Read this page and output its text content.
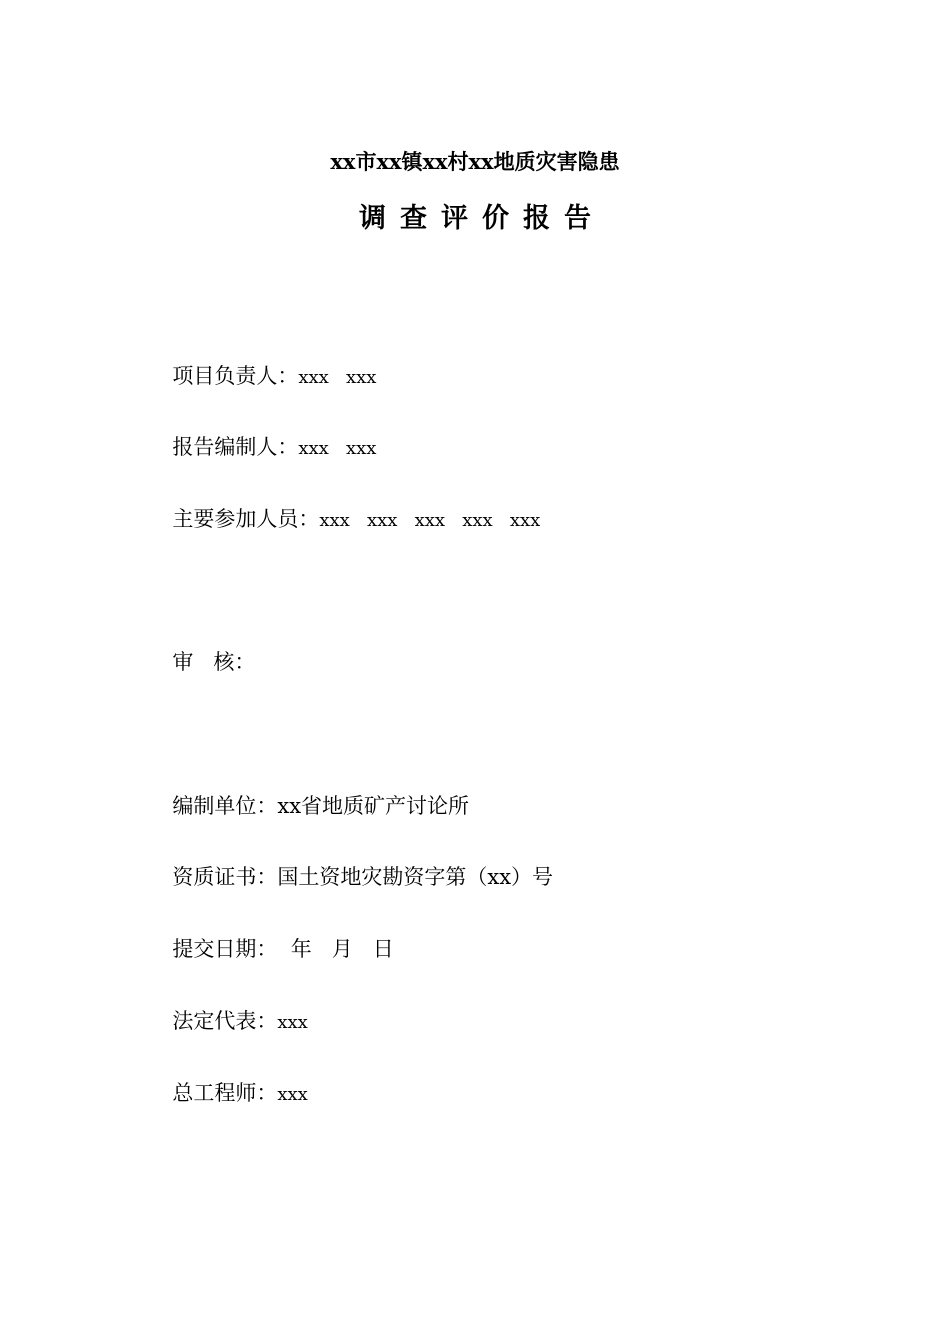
xx市xx镇xx村xx地质灾害隐患
调 查 评 价 报 告

项目负责人：xxx   xxx

报告编制人：xxx   xxx

主要参加人员：xxx   xxx   xxx   xxx   xxx

审   核：

编制单位：xx省地质矿产讨论所

资质证书：国土资地灾勘资字第（xx）号

提交日期：  年   月   日

法定代表：xxx

总工程师：xxx
